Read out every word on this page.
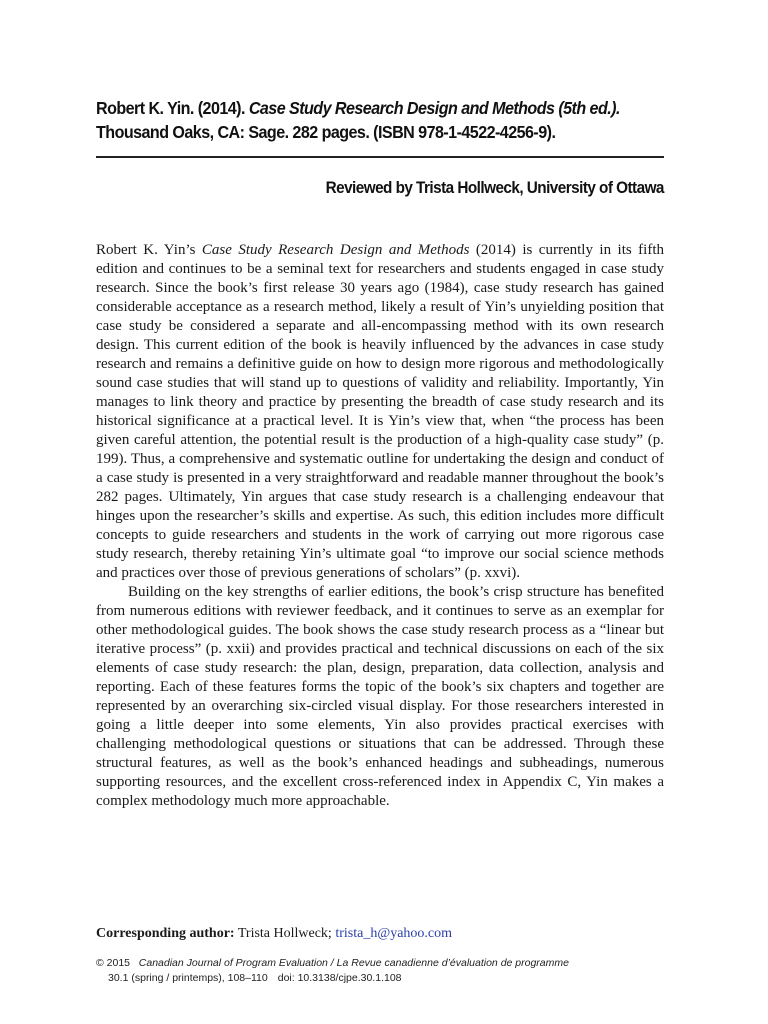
Robert K. Yin. (2014). Case Study Research Design and Methods (5th ed.).
Thousand Oaks, CA: Sage. 282 pages. (ISBN 978-1-4522-4256-9).
Reviewed by Trista Hollweck, University of Ottawa

Robert K. Yin’s Case Study Research Design and Methods (2014) is currently in its fifth edition and continues to be a seminal text for researchers and students engaged in case study research. Since the book’s first release 30 years ago (1984), case study research has gained considerable acceptance as a research method, likely a result of Yin’s unyielding position that case study be considered a separate and all-encompassing method with its own research design. This current edition of the book is heavily influenced by the advances in case study research and remains a definitive guide on how to design more rigorous and methodologically sound case studies that will stand up to questions of validity and reliability. Importantly, Yin manages to link theory and practice by presenting the breadth of case study research and its historical significance at a practical level. It is Yin’s view that, when “the process has been given careful attention, the potential result is the production of a high-quality case study” (p. 199). Thus, a comprehensive and systematic outline for undertaking the design and conduct of a case study is presented in a very straightforward and readable manner throughout the book’s 282 pages. Ultimately, Yin argues that case study research is a challenging endeavour that hinges upon the researcher’s skills and expertise. As such, this edition includes more difficult concepts to guide researchers and students in the work of carrying out more rigorous case study research, thereby retaining Yin’s ultimate goal “to improve our social science methods and practices over those of previous generations of scholars” (p. xxvi).

Building on the key strengths of earlier editions, the book’s crisp structure has benefited from numerous editions with reviewer feedback, and it continues to serve as an exemplar for other methodological guides. The book shows the case study research process as a “linear but iterative process” (p. xxii) and provides practical and technical discussions on each of the six elements of case study research: the plan, design, preparation, data collection, analysis and reporting. Each of these features forms the topic of the book’s six chapters and together are represented by an overarching six-circled visual display. For those researchers interested in going a little deeper into some elements, Yin also provides practical exercises with challenging methodological questions or situations that can be addressed. Through these structural features, as well as the book’s enhanced headings and subheadings, numerous supporting resources, and the excellent cross-referenced index in Appendix C, Yin makes a complex methodology much more approachable.

Corresponding author: Trista Hollweck; trista_h@yahoo.com
© 2015 Canadian Journal of Program Evaluation / La Revue canadienne d’évaluation de programme
30.1 (spring / printemps), 108–110 doi: 10.3138/cjpe.30.1.108
